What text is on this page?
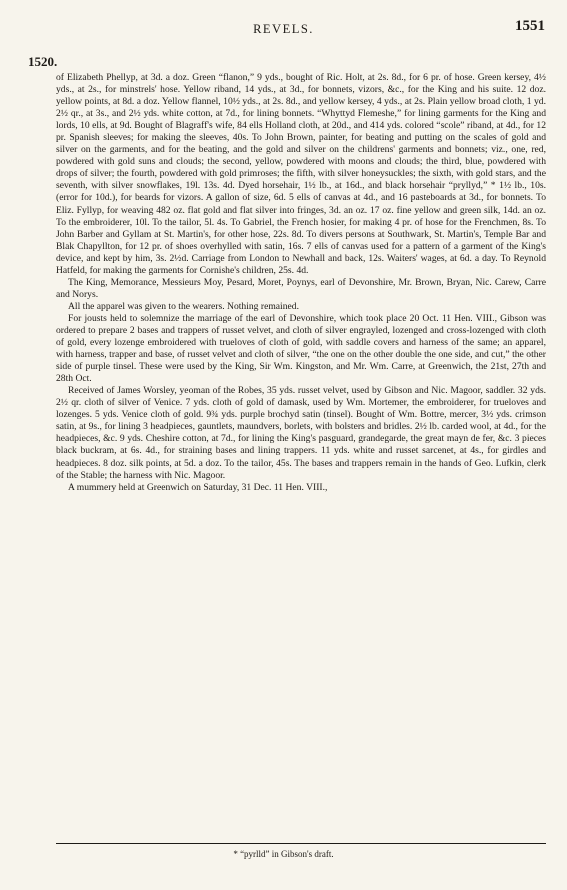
REVELS.	1551
1520.

of Elizabeth Phellyp, at 3d. a doz. Green “flanon,” 9 yds., bought of Ric. Holt, at 2s. 8d., for 6 pr. of hose. Green kersey, 4½ yds., at 2s., for minstrels' hose. Yellow riband, 14 yds., at 3d., for bonnets, vizors, &c., for the King and his suite. 12 doz. yellow points, at 8d. a doz. Yellow flannel, 10½ yds., at 2s. 8d., and yellow kersey, 4 yds., at 2s. Plain yellow broad cloth, 1 yd. 2½ qr., at 3s., and 2½ yds. white cotton, at 7d., for lining bonnets. “Whyttyd Flemeshe,” for lining garments for the King and lords, 10 ells, at 9d. Bought of Blagraff's wife, 84 ells Holland cloth, at 20d., and 414 yds. colored “scole” riband, at 4d., for 12 pr. Spanish sleeves; for making the sleeves, 40s. To John Brown, painter, for beating and putting on the scales of gold and silver on the garments, and for the beating, and the gold and silver on the childrens' garments and bonnets; viz., one, red, powdered with gold suns and clouds; the second, yellow, powdered with moons and clouds; the third, blue, powdered with drops of silver; the fourth, powdered with gold primroses; the fifth, with silver honeysuckles; the sixth, with gold stars, and the seventh, with silver snowflakes, 19l. 13s. 4d. Dyed horsehair, 1½ lb., at 16d., and black horsehair “pryllyd,” * 1½ lb., 10s. (error for 10d.), for beards for vizors. A gallon of size, 6d. 5 ells of canvas at 4d., and 16 pasteboards at 3d., for bonnets. To Eliz. Fyllyp, for weaving 482 oz. flat gold and flat silver into fringes, 3d. an oz. 17 oz. fine yellow and green silk, 14d. an oz. To the embroiderer, 10l. To the tailor, 5l. 4s. To Gabriel, the French hosier, for making 4 pr. of hose for the Frenchmen, 8s. To John Barber and Gyllam at St. Martin's, for other hose, 22s. 8d. To divers persons at Southwark, St. Martin's, Temple Bar and Blak Chapyllton, for 12 pr. of shoes overhylled with satin, 16s. 7 ells of canvas used for a pattern of a garment of the King's device, and kept by him, 3s. 2½d. Carriage from London to Newhall and back, 12s. Waiters' wages, at 6d. a day. To Reynold Hatfeld, for making the garments for Cornishe's children, 25s. 4d.

The King, Memorance, Messieurs Moy, Pesard, Moret, Poynys, earl of Devonshire, Mr. Brown, Bryan, Nic. Carew, Carre and Norys.

All the apparel was given to the wearers. Nothing remained.

For jousts held to solemnize the marriage of the earl of Devonshire, which took place 20 Oct. 11 Hen. VIII., Gibson was ordered to prepare 2 bases and trappers of russet velvet, and cloth of silver engrayled, lozenged and cross-lozenged with cloth of gold, every lozenge embroidered with trueloves of cloth of gold, with saddle covers and harness of the same; an apparel, with harness, trapper and base, of russet velvet and cloth of silver, “the one on the other double the one side, and cut,” the other side of purple tinsel. These were used by the King, Sir Wm. Kingston, and Mr. Wm. Carre, at Greenwich, the 21st, 27th and 28th Oct.

Received of James Worsley, yeoman of the Robes, 35 yds. russet velvet, used by Gibson and Nic. Magoor, saddler. 32 yds. 2½ qr. cloth of silver of Venice. 7 yds. cloth of gold of damask, used by Wm. Mortemer, the embroiderer, for trueloves and lozenges. 5 yds. Venice cloth of gold. 9¾ yds. purple brochyd satin (tinsel). Bought of Wm. Bottre, mercer, 3½ yds. crimson satin, at 9s., for lining 3 headpieces, gauntlets, maundvers, borlets, with bolsters and bridles. 2½ lb. carded wool, at 4d., for the headpieces, &c. 9 yds. Cheshire cotton, at 7d., for lining the King's pasguard, grandegarde, the great mayn de fer, &c. 3 pieces black buckram, at 6s. 4d., for straining bases and lining trappers. 11 yds. white and russet sarcenet, at 4s., for girdles and headpieces. 8 doz. silk points, at 5d. a doz. To the tailor, 45s. The bases and trappers remain in the hands of Geo. Lufkin, clerk of the Stable; the harness with Nic. Magoor.

A mummery held at Greenwich on Saturday, 31 Dec. 11 Hen. VIII.,

* “pyrlld” in Gibson's draft.
